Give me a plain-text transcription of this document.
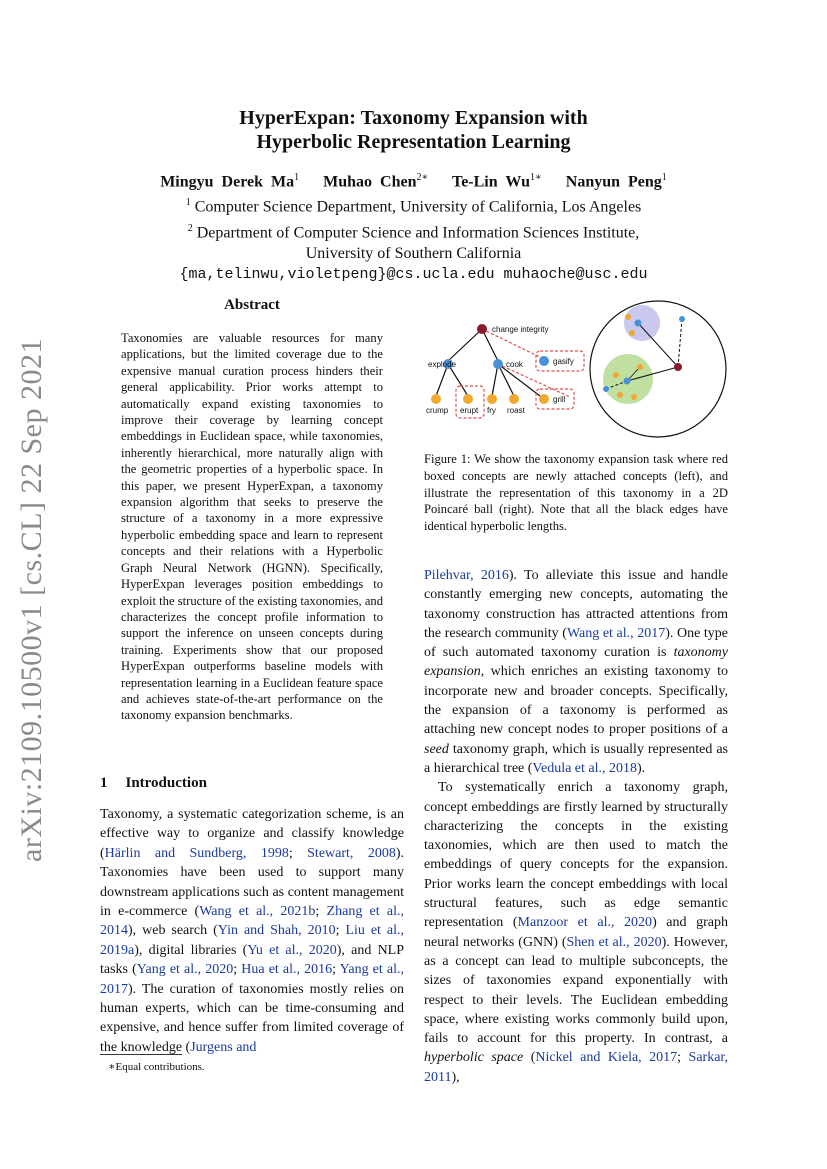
arXiv:2109.10500v1 [cs.CL] 22 Sep 2021
HyperExpan: Taxonomy Expansion with
Hyperbolic Representation Learning
Mingyu Derek Ma$^1$ Muhao Chen$^{2∗}$ Te-Lin $Wu^{1∗}$ Nanyun Peng$^1$
$^1$ Computer Science Department, University of California, Los Angeles
$^2$ Department of Computer Science and Information Sciences Institute,
University of Southern California
{ma,telinwu,violetpeng}@cs.ucla.edu muhaoche@usc.edu
Abstract
Taxonomies are valuable resources for many applications, but the limited coverage due to the expensive manual curation process hinders their general applicability. Prior works attempt to automatically expand existing taxonomies to improve their coverage by learning concept embeddings in Euclidean space, while taxonomies, inherently hierarchical, more naturally align with the geometric properties of a hyperbolic space. In this paper, we present HyperExpan, a taxonomy expansion algorithm that seeks to preserve the structure of a taxonomy in a more expressive hyperbolic embedding space and learn to represent concepts and their relations with a Hyperbolic Graph Neural Network (HGNN). Specifically, HyperExpan leverages position embeddings to exploit the structure of the existing taxonomies, and characterizes the concept profile information to support the inference on unseen concepts during training. Experiments show that our proposed HyperExpan outperforms baseline models with representation learning in a Euclidean feature space and achieves state-of-the-art performance on the taxonomy expansion benchmarks.
1 Introduction
Taxonomy, a systematic categorization scheme, is an effective way to organize and classify knowledge (Härlin and Sundberg, 1998; Stewart, 2008). Taxonomies have been used to support many downstream applications such as content management in e-commerce (Wang et al., 2021b; Zhang et al., 2014), web search (Yin and Shah, 2010; Liu et al., 2019a), digital libraries (Yu et al., 2020), and NLP tasks (Yang et al., 2020; Hua et al., 2016; Yang et al., 2017). The curation of taxonomies mostly relies on human experts, which can be time-consuming and expensive, and hence suffer from limited coverage of the knowledge (Jurgens and
∗Equal contributions.
change integrity
explode	cook	gasify
crump erupt fry roast
grill
Figure 1: We show the taxonomy expansion task where red boxed concepts are newly attached concepts (left), and illustrate the representation of this taxonomy in a 2D Poincaré ball (right). Note that all the black edges have identical hyperbolic lengths.

Pilehvar, 2016). To alleviate this issue and handle constantly emerging new concepts, automating the taxonomy construction has attracted attentions from the research community (Wang et al., 2017). One type of such automated taxonomy curation is taxonomy expansion, which enriches an existing taxonomy to incorporate new and broader concepts. Specifically, the expansion of a taxonomy is performed as attaching new concept nodes to proper positions of a seed taxonomy graph, which is usually represented as a hierarchical tree (Vedula et al., 2018).

To systematically enrich a taxonomy graph, concept embeddings are firstly learned by structurally characterizing the concepts in the existing taxonomies, which are then used to match the embeddings of query concepts for the expansion. Prior works learn the concept embeddings with local structural features, such as edge semantic representation (Manzoor et al., 2020) and graph neural networks (GNN) (Shen et al., 2020). However, as a concept can lead to multiple subconcepts, the sizes of taxonomies expand exponentially with respect to their levels. The Euclidean embedding space, where existing works commonly build upon, fails to account for this property. In contrast, a hyperbolic space (Nickel and Kiela, 2017; Sarkar, 2011),
